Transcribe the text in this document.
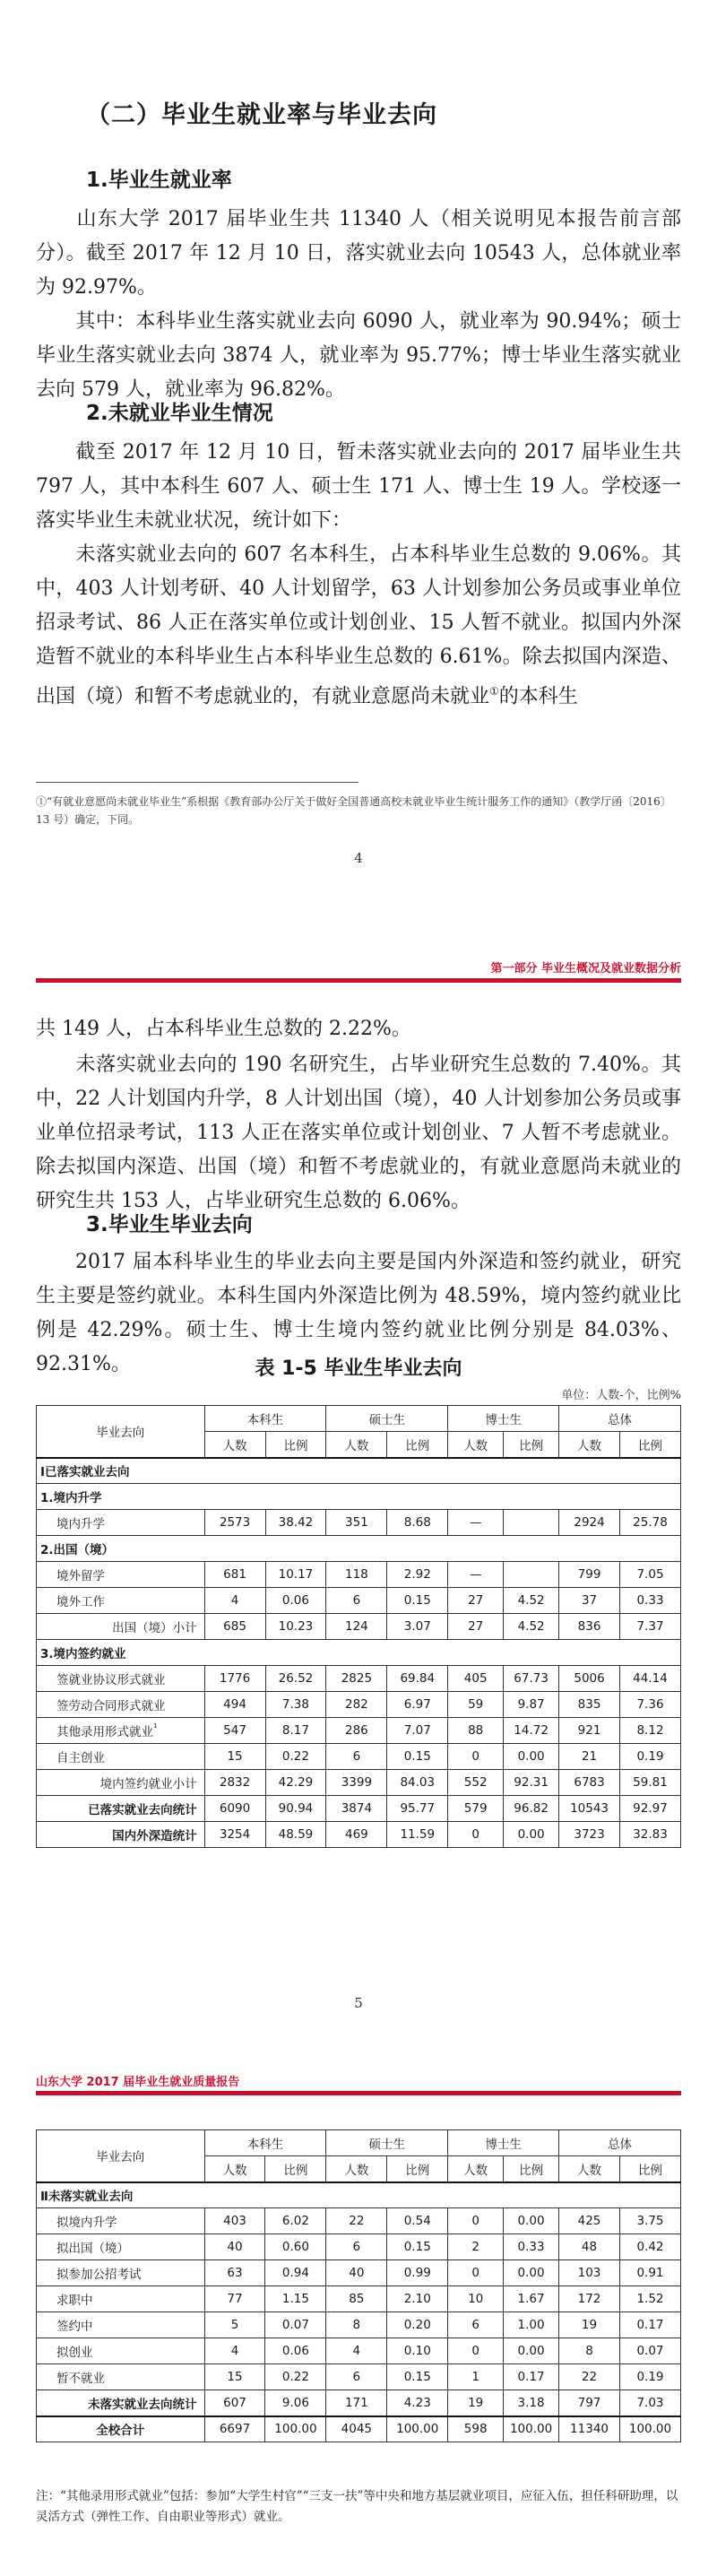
（二）毕业生就业率与毕业去向
1.毕业生就业率
山东大学 2017 届毕业生共 11340 人（相关说明见本报告前言部分）。截至 2017 年 12 月 10 日，落实就业去向 10543 人，总体就业率为 92.97%。
其中：本科毕业生落实就业去向 6090 人，就业率为 90.94%；硕士毕业生落实就业去向 3874 人，就业率为 95.77%；博士毕业生落实就业去向 579 人，就业率为 96.82%。
2.未就业毕业生情况
截至 2017 年 12 月 10 日，暂未落实就业去向的 2017 届毕业生共 797 人，其中本科生 607 人、硕士生 171 人、博士生 19 人。学校逐一落实毕业生未就业状况，统计如下：
未落实就业去向的 607 名本科生，占本科毕业生总数的 9.06%。其中，403 人计划考研、40 人计划留学，63 人计划参加公务员或事业单位招录考试、86 人正在落实单位或计划创业、15 人暂不就业。拟国内外深造暂不就业的本科毕业生占本科毕业生总数的 6.61%。除去拟国内深造、出国（境）和暂不考虑就业的，有就业意愿尚未就业①的本科生
①“有就业意愿尚未就业毕业生”系根据《教育部办公厅关于做好全国普通高校未就业毕业生统计服务工作的通知》（教学厅函〔2016〕13 号）确定，下同。
4
第一部分 毕业生概况及就业数据分析
共 149 人，占本科毕业生总数的 2.22%。
未落实就业去向的 190 名研究生，占毕业研究生总数的 7.40%。其中，22 人计划国内升学，8 人计划出国（境），40 人计划参加公务员或事业单位招录考试，113 人正在落实单位或计划创业、7 人暂不考虑就业。除去拟国内深造、出国（境）和暂不考虑就业的，有就业意愿尚未就业的研究生共 153 人，占毕业研究生总数的 6.06%。
3.毕业生毕业去向
2017 届本科毕业生的毕业去向主要是国内外深造和签约就业，研究生主要是签约就业。本科生国内外深造比例为 48.59%，境内签约就业比例是 42.29%。硕士生、博士生境内签约就业比例分别是 84.03%、92.31%。	表 1-5 毕业生毕业去向
单位：人数-个，比例%
毕业去向	本科生		硕士生		博士生		总体	
	人数	比例	人数	比例	人数	比例	人数	比例
Ⅰ已落实就业去向								
1.境内升学								
境内升学	2573	38.42	351	8.68	—		2924	25.78
2.出国（境）								
境外留学	681	10.17	118	2.92	—		799	7.05
境外工作	4	0.06	6	0.15	27	4.52	37	0.33
出国（境）小计	685	10.23	124	3.07	27	4.52	836	7.37
3.境内签约就业								
签就业协议形式就业	1776	26.52	2825	69.84	405	67.73	5006	44.14
签劳动合同形式就业	494	7.38	282	6.97	59	9.87	835	7.36
其他录用形式就业$^{^1}$	547	8.17	286	7.07	88	14.72	921	8.12
自主创业	15	0.22	6	0.15	0	0.00	21	0.19
境内签约就业小计	2832	42.29	3399	84.03	552	92.31	6783	59.81
已落实就业去向统计	6090	90.94	3874	95.77	579	96.82	10543	92.97
国内外深造统计	3254	48.59	469	11.59	0	0.00	3723	32.83
5
山东大学 2017 届毕业生就业质量报告
毕业去向	本科生		硕士生		博士生		总体	
	人数	比例	人数	比例	人数	比例	人数	比例
Ⅱ未落实就业去向								
拟境内升学	403	6.02	22	0.54	0	0.00	425	3.75
拟出国（境）	40	0.60	6	0.15	2	0.33	48	0.42
拟参加公招考试	63	0.94	40	0.99	0	0.00	103	0.91
求职中	77	1.15	85	2.10	10	1.67	172	1.52
签约中	5	0.07	8	0.20	6	1.00	19	0.17
拟创业	4	0.06	4	0.10	0	0.00	8	0.07
暂不就业	15	0.22	6	0.15	1	0.17	22	0.19
未落实就业去向统计	607	9.06	171	4.23	19	3.18	797	7.03
全校合计	6697	100.00	4045	100.00	598	100.00	11340	100.00
注：“其他录用形式就业”包括：参加“大学生村官”“三支一扶”等中央和地方基层就业项目，应征入伍，担任科研助理，以灵活方式（弹性工作、自由职业等形式）就业。
